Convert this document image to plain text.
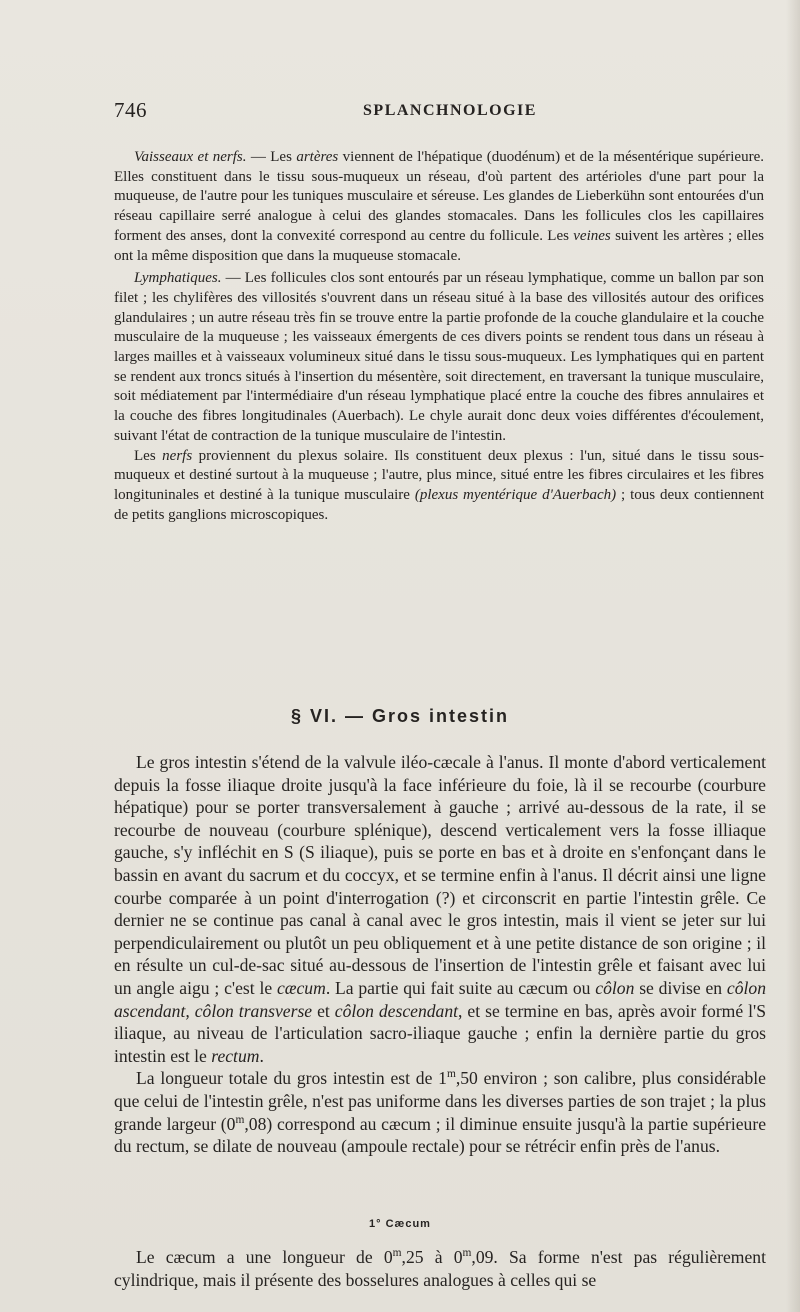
746	SPLANCHNOLOGIE

Vaisseaux et nerfs. — Les artères viennent de l'hépatique (duodénum) et de la mésentérique supérieure. Elles constituent dans le tissu sous-muqueux un réseau, d'où partent des artérioles d'une part pour la muqueuse, de l'autre pour les tuniques musculaire et séreuse. Les glandes de Lieberkühn sont entourées d'un réseau capillaire serré analogue à celui des glandes stomacales. Dans les follicules clos les capillaires forment des anses, dont la convexité correspond au centre du follicule. Les veines suivent les artères ; elles ont la même disposition que dans la muqueuse stomacale.

Lymphatiques. — Les follicules clos sont entourés par un réseau lymphatique, comme un ballon par son filet ; les chylifères des villosités s'ouvrent dans un réseau situé à la base des villosités autour des orifices glandulaires ; un autre réseau très fin se trouve entre la partie profonde de la couche glandulaire et la couche musculaire de la muqueuse ; les vaisseaux émergents de ces divers points se rendent tous dans un réseau à larges mailles et à vaisseaux volumineux situé dans le tissu sous-muqueux. Les lymphatiques qui en partent se rendent aux troncs situés à l'insertion du mésentère, soit directement, en traversant la tunique musculaire, soit médiatement par l'intermédiaire d'un réseau lymphatique placé entre la couche des fibres annulaires et la couche des fibres longitudinales (Auerbach). Le chyle aurait donc deux voies différentes d'écoulement, suivant l'état de contraction de la tunique musculaire de l'intestin.

Les nerfs proviennent du plexus solaire. Ils constituent deux plexus : l'un, situé dans le tissu sous-muqueux et destiné surtout à la muqueuse ; l'autre, plus mince, situé entre les fibres circulaires et les fibres longituninales et destiné à la tunique musculaire (plexus myentérique d'Auerbach) ; tous deux contiennent de petits ganglions microscopiques.

§ VI. — Gros intestin

Le gros intestin s'étend de la valvule iléo-cæcale à l'anus. Il monte d'abord verticalement depuis la fosse iliaque droite jusqu'à la face inférieure du foie, là il se recourbe (courbure hépatique) pour se porter transversalement à gauche ; arrivé au-dessous de la rate, il se recourbe de nouveau (courbure splénique), descend verticalement vers la fosse illiaque gauche, s'y infléchit en S (S iliaque), puis se porte en bas et à droite en s'enfonçant dans le bassin en avant du sacrum et du coccyx, et se termine enfin à l'anus. Il décrit ainsi une ligne courbe comparée à un point d'interrogation (?) et circonscrit en partie l'intestin grêle. Ce dernier ne se continue pas canal à canal avec le gros intestin, mais il vient se jeter sur lui perpendiculairement ou plutôt un peu obliquement et à une petite distance de son origine ; il en résulte un cul-de-sac situé au-dessous de l'insertion de l'intestin grêle et faisant avec lui un angle aigu ; c'est le cæcum. La partie qui fait suite au cæcum ou côlon se divise en côlon ascendant, côlon transverse et côlon descendant, et se termine en bas, après avoir formé l'S iliaque, au niveau de l'articulation sacro-iliaque gauche ; enfin la dernière partie du gros intestin est le rectum.

La longueur totale du gros intestin est de 1$^m$,50 environ ; son calibre, plus considérable que celui de l'intestin grêle, n'est pas uniforme dans les diverses parties de son trajet ; la plus grande largeur (0$^m$,08) correspond au cæcum ; il diminue ensuite jusqu'à la partie supérieure du rectum, se dilate de nouveau (ampoule rectale) pour se rétrécir enfin près de l'anus.

1° Cæcum

Le cæcum a une longueur de 0$^m$,25 à 0$^m$,09. Sa forme n'est pas régulièrement cylindrique, mais il présente des bosselures analogues à celles qui se
